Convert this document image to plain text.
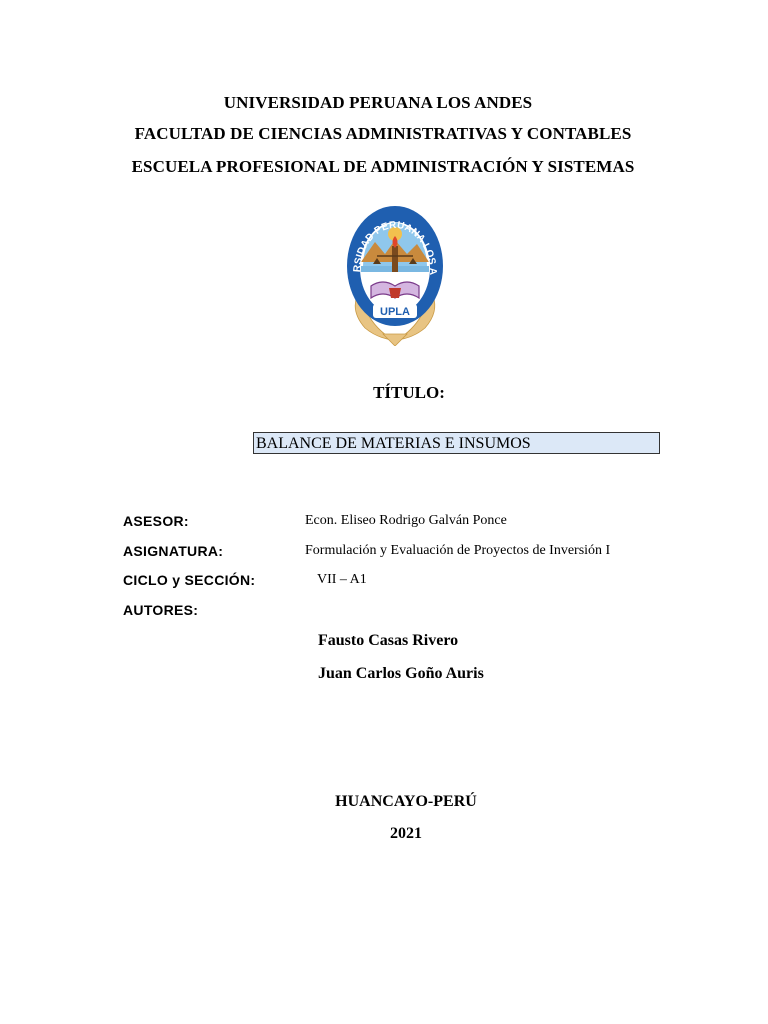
UNIVERSIDAD PERUANA LOS ANDES
FACULTAD DE CIENCIAS ADMINISTRATIVAS Y CONTABLES
ESCUELA PROFESIONAL DE ADMINISTRACIÓN Y SISTEMAS
UPLA
RSIDAD PERUANA LOS A
TÍTULO:
BALANCE DE MATERIAS E INSUMOS
ASESOR:	Econ. Eliseo Rodrigo Galván Ponce
ASIGNATURA:	Formulación y Evaluación de Proyectos de Inversión I
CICLO y SECCIÓN:	VII – A1
AUTORES:
Fausto Casas Rivero
Juan Carlos Goño Auris
HUANCAYO-PERÚ
2021
